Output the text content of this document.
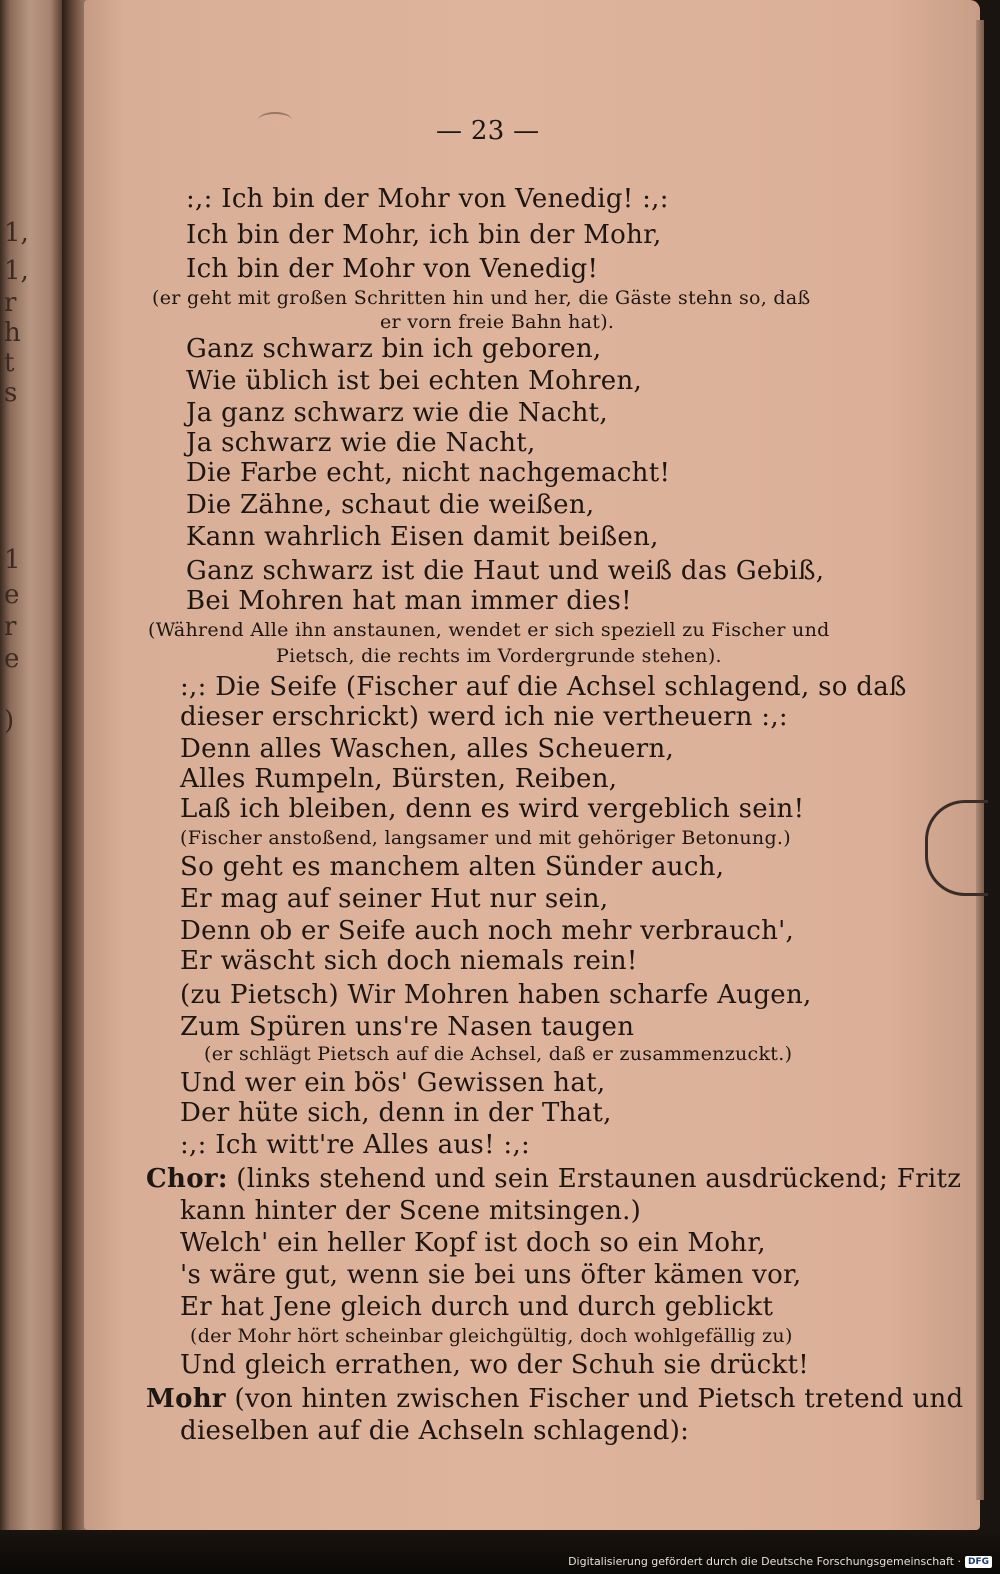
1,
1,
r
h
t
s
1
e
r
e
)
— 23 —
:,: Ich bin der Mohr von Venedig! :,:
Ich bin der Mohr, ich bin der Mohr,
Ich bin der Mohr von Venedig!
(er geht mit großen Schritten hin und her, die Gäste stehn so, daß
er vorn freie Bahn hat).
Ganz schwarz bin ich geboren,
Wie üblich ist bei echten Mohren,
Ja ganz schwarz wie die Nacht,
Ja schwarz wie die Nacht,
Die Farbe echt, nicht nachgemacht!
Die Zähne, schaut die weißen,
Kann wahrlich Eisen damit beißen,
Ganz schwarz ist die Haut und weiß das Gebiß,
Bei Mohren hat man immer dies!
(Während Alle ihn anstaunen, wendet er sich speziell zu Fischer und
Pietsch, die rechts im Vordergrunde stehen).
:,: Die Seife (Fischer auf die Achsel schlagend, so daß
dieser erschrickt) werd ich nie vertheuern :,:
Denn alles Waschen, alles Scheuern,
Alles Rumpeln, Bürsten, Reiben,
Laß ich bleiben, denn es wird vergeblich sein!
(Fischer anstoßend, langsamer und mit gehöriger Betonung.)
So geht es manchem alten Sünder auch,
Er mag auf seiner Hut nur sein,
Denn ob er Seife auch noch mehr verbrauch',
Er wäscht sich doch niemals rein!
(zu Pietsch) Wir Mohren haben scharfe Augen,
Zum Spüren uns're Nasen taugen
(er schlägt Pietsch auf die Achsel, daß er zusammenzuckt.)
Und wer ein bös' Gewissen hat,
Der hüte sich, denn in der That,
:,: Ich witt're Alles aus! :,:
Chor: (links stehend und sein Erstaunen ausdrückend; Fritz
kann hinter der Scene mitsingen.)
Welch' ein heller Kopf ist doch so ein Mohr,
's wäre gut, wenn sie bei uns öfter kämen vor,
Er hat Jene gleich durch und durch geblickt
(der Mohr hört scheinbar gleichgültig, doch wohlgefällig zu)
Und gleich errathen, wo der Schuh sie drückt!
Mohr (von hinten zwischen Fischer und Pietsch tretend und
dieselben auf die Achseln schlagend):
Digitalisierung gefördert durch die Deutsche Forschungsgemeinschaft · DFG
